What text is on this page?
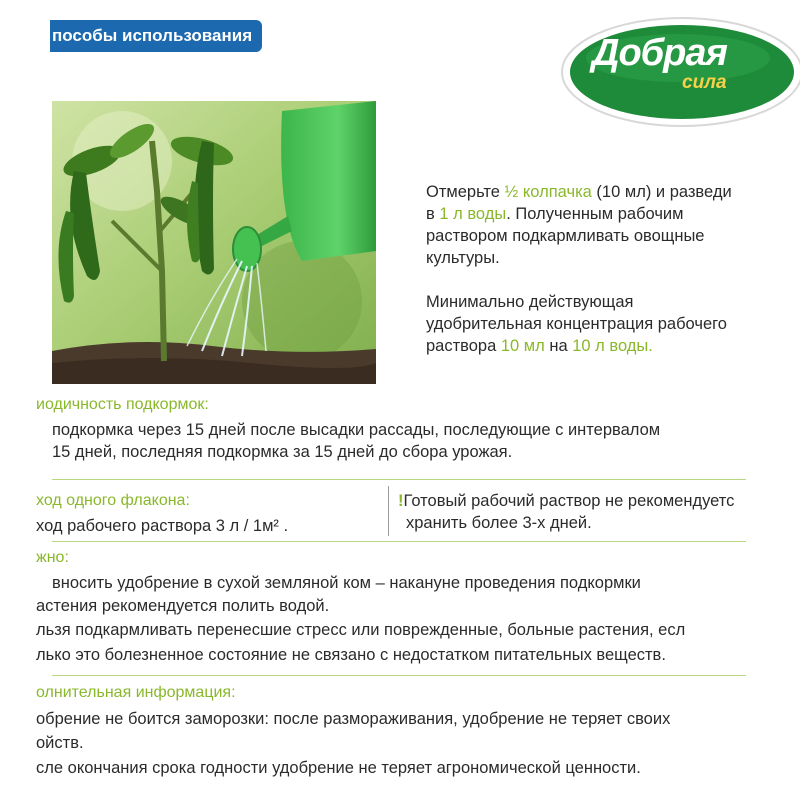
пособы использования	Добрая
сила
Отмерьте ½ колпачка (10 мл) и разведи
в 1 л воды. Полученным рабочим
раствором подкармливать овощные
культуры.
Минимально действующая
удобрительная концентрация рабочего
раствора 10 мл на 10 л воды.
иодичность подкормок:
подкормка через 15 дней после высадки рассады, последующие с интервалом
15 дней, последняя подкормка за 15 дней до сбора урожая.
ход одного флакона:
ход рабочего раствора 3 л / 1м² .
!Готовый рабочий раствор не рекомендуетс
хранить более 3-х дней.
жно:
вносить удобрение в сухой земляной ком – накануне проведения подкормки
астения рекомендуется полить водой.
льзя подкармливать перенесшие стресс или поврежденные, больные растения, есл
лько это болезненное состояние не связано с недостатком питательных веществ.
олнительная информация:
обрение не боится заморозки: после размораживания, удобрение не теряет своих
ойств.
сле окончания срока годности удобрение не теряет агрономической ценности.
